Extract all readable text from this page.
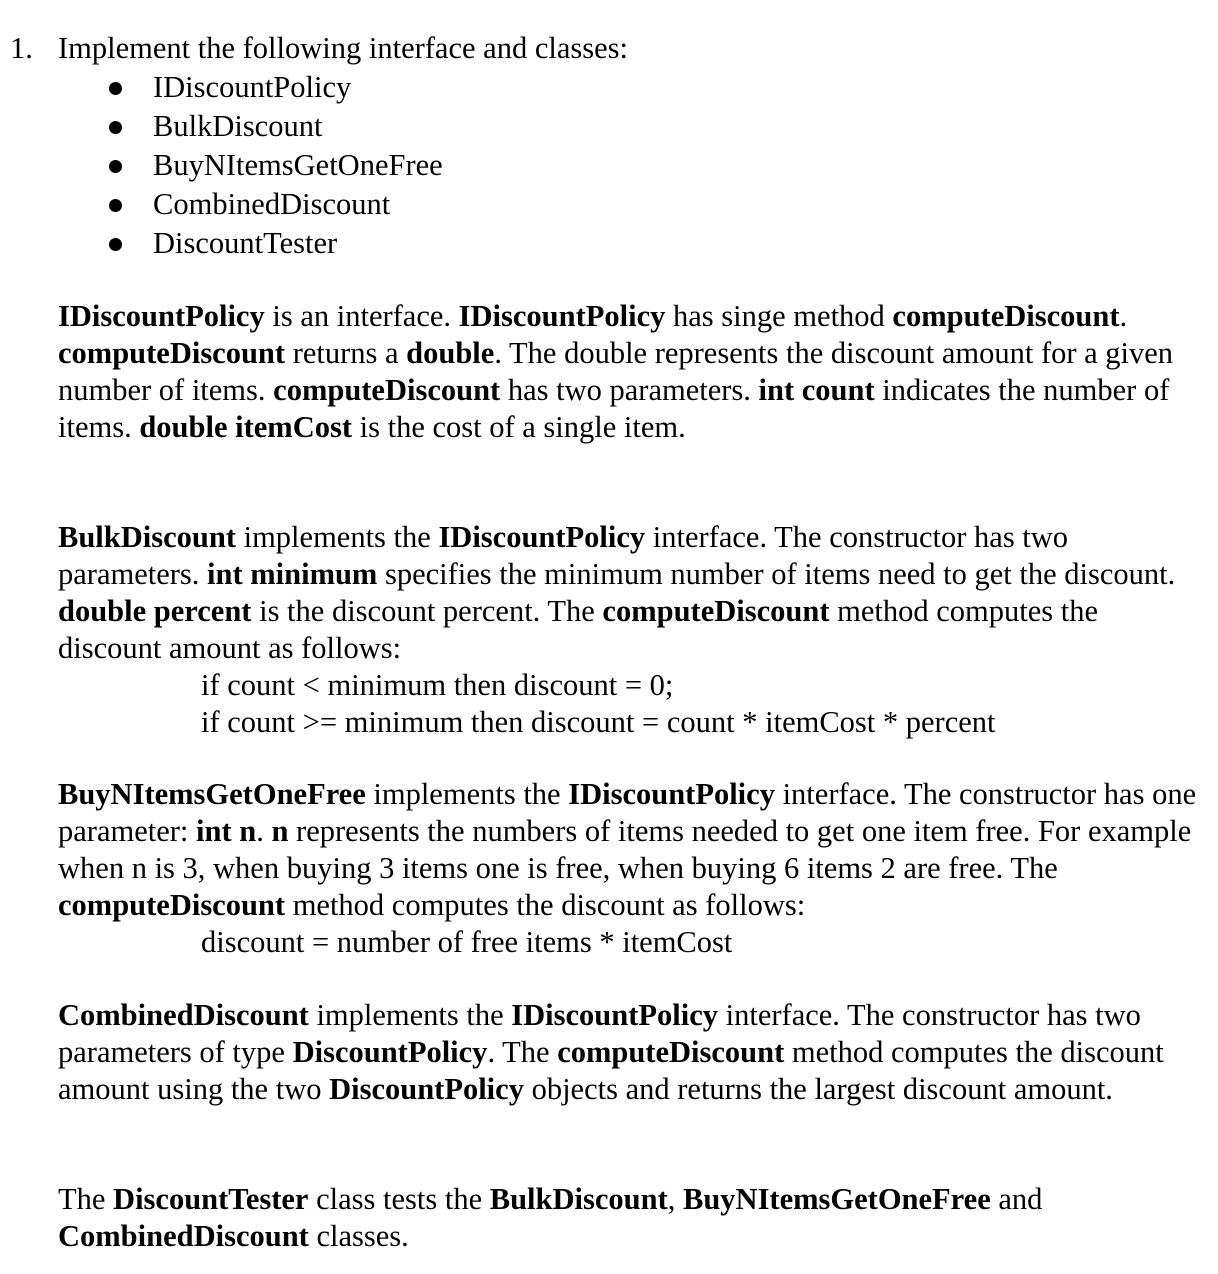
1. Implement the following interface and classes:
IDiscountPolicy
BulkDiscount
BuyNItemsGetOneFree
CombinedDiscount
DiscountTester
IDiscountPolicy is an interface. IDiscountPolicy has singe method computeDiscount. computeDiscount returns a double. The double represents the discount amount for a given number of items. computeDiscount has two parameters. int count indicates the number of items. double itemCost is the cost of a single item.
BulkDiscount implements the IDiscountPolicy interface. The constructor has two parameters. int minimum specifies the minimum number of items need to get the discount. double percent is the discount percent. The computeDiscount method computes the discount amount as follows:
if count < minimum then discount = 0;
if count >= minimum then discount = count * itemCost * percent
BuyNItemsGetOneFree implements the IDiscountPolicy interface. The constructor has one parameter: int n. n represents the numbers of items needed to get one item free. For example when n is 3, when buying 3 items one is free, when buying 6 items 2 are free. The computeDiscount method computes the discount as follows:
discount = number of free items * itemCost
CombinedDiscount implements the IDiscountPolicy interface. The constructor has two parameters of type DiscountPolicy. The computeDiscount method computes the discount amount using the two DiscountPolicy objects and returns the largest discount amount.
The DiscountTester class tests the BulkDiscount, BuyNItemsGetOneFree and CombinedDiscount classes.
